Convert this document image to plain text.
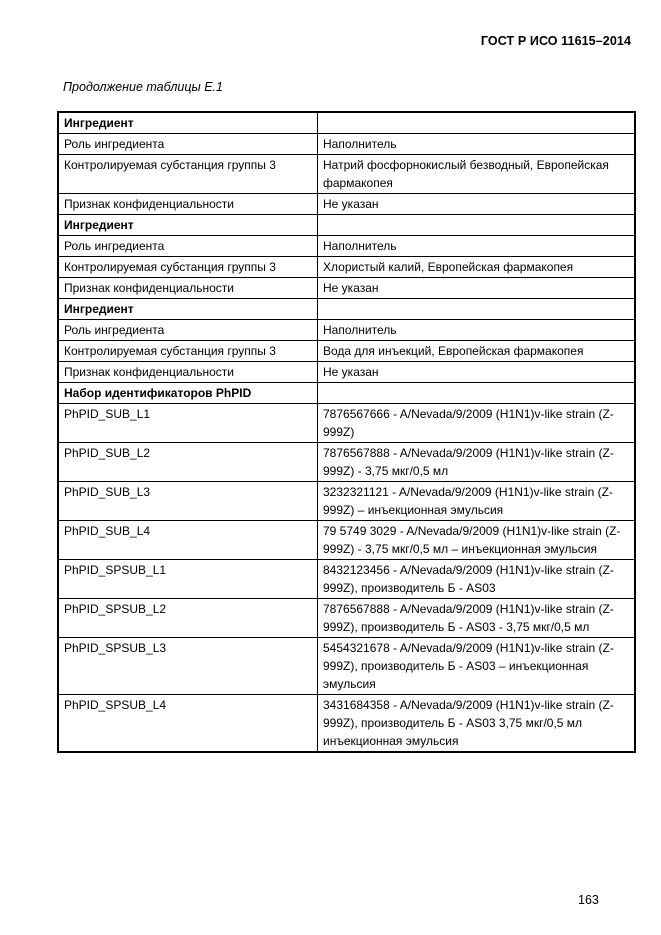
ГОСТ Р ИСО 11615–2014
Продолжение таблицы Е.1
Ингредиент	
Роль ингредиента	Наполнитель
Контролируемая субстанция группы 3	Натрий фосфорнокислый безводный, Европейская фармакопея
Признак конфиденциальности	Не указан
Ингредиент	
Роль ингредиента	Наполнитель
Контролируемая субстанция группы 3	Хлористый калий, Европейская фармакопея
Признак конфиденциальности	Не указан
Ингредиент	
Роль ингредиента	Наполнитель
Контролируемая субстанция группы 3	Вода для инъекций, Европейская фармакопея
Признак конфиденциальности	Не указан
Набор идентификаторов PhPID	
PhPID_SUB_L1	7876567666 - A/Nevada/9/2009 (H1N1)v-like strain (Z-999Z)
PhPID_SUB_L2	7876567888 - A/Nevada/9/2009 (H1N1)v-like strain (Z-999Z) - 3,75 мкг/0,5 мл
PhPID_SUB_L3	3232321121 - A/Nevada/9/2009 (H1N1)v-like strain (Z-999Z) – инъекционная эмульсия
PhPID_SUB_L4	79 5749 3029 - A/Nevada/9/2009 (H1N1)v-like strain (Z-999Z) - 3,75 мкг/0,5 мл – инъекционная эмульсия
PhPID_SPSUB_L1	8432123456 - A/Nevada/9/2009 (H1N1)v-like strain (Z-999Z), производитель Б - AS03
PhPID_SPSUB_L2	7876567888 - A/Nevada/9/2009 (H1N1)v-like strain (Z-999Z), производитель Б - AS03 - 3,75 мкг/0,5 мл
PhPID_SPSUB_L3	5454321678 - A/Nevada/9/2009 (H1N1)v-like strain (Z-999Z), производитель Б - AS03 – инъекционная эмульсия
PhPID_SPSUB_L4	3431684358 - A/Nevada/9/2009 (H1N1)v-like strain (Z-999Z), производитель Б - AS03 3,75 мкг/0,5 мл инъекционная эмульсия
163
